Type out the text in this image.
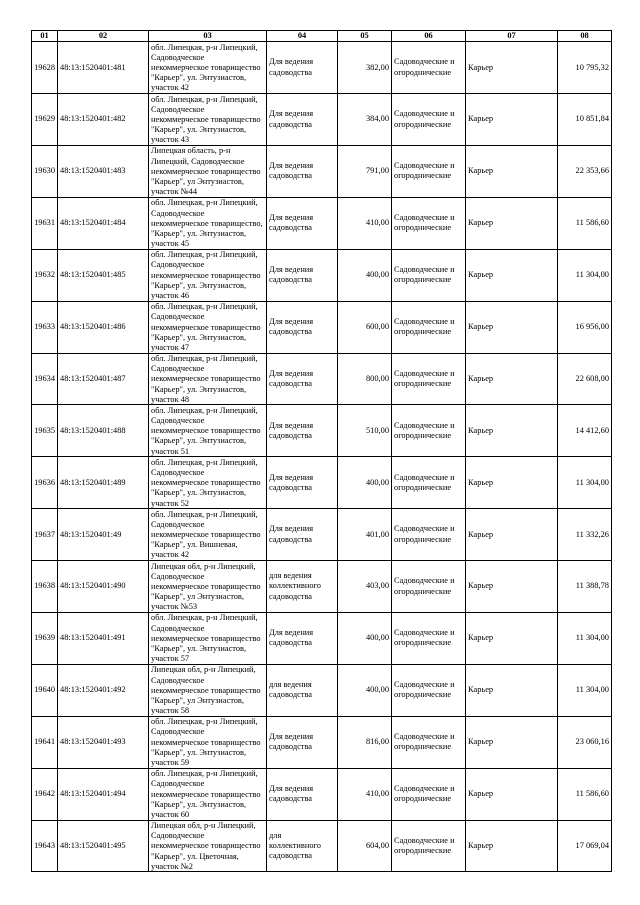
01	02	03	04	05	06	07	08
19628	48:13:1520401:481	обл. Липецкая, р-н Липецкий, Садоводческое некоммерческое товарищество "Карьер", ул. Энтузиастов, участок 42	Для ведения садоводства	382,00	Садоводческие и огороднические	Карьер	10 795,32
19629	48:13:1520401:482	обл. Липецкая, р-н Липецкий, Садоводческое некоммерческое товарищество "Карьер", ул. Энтузиастов, участок 43	Для ведения садоводства	384,00	Садоводческие и огороднические	Карьер	10 851,84
19630	48:13:1520401:483	Липецкая область, р-н Липецкий, Садоводческое некоммерческое товарищество "Карьер", ул Энтузиастов, участок №44	Для ведения садоводства	791,00	Садоводческие и огороднические	Карьер	22 353,66
19631	48:13:1520401:484	обл. Липецкая, р-н Липецкий, Садоводческое некоммерческое товарищество, "Карьер", ул. Энтузиастов, участок 45	Для ведения садоводства	410,00	Садоводческие и огороднические	Карьер	11 586,60
19632	48:13:1520401:485	обл. Липецкая, р-н Липецкий, Садоводческое некоммерческое товарищество "Карьер", ул. Энтузиастов, участок 46	Для ведения садоводства	400,00	Садоводческие и огороднические	Карьер	11 304,00
19633	48:13:1520401:486	обл. Липецкая, р-н Липецкий, Садоводческое некоммерческое товарищество "Карьер", ул. Энтузиастов, участок 47	Для ведения садоводства	600,00	Садоводческие и огороднические	Карьер	16 956,00
19634	48:13:1520401:487	обл. Липецкая, р-н Липецкий, Садоводческое некоммерческое товарищество "Карьер", ул. Энтузиастов, участок 48	Для ведения садоводства	800,00	Садоводческие и огороднические	Карьер	22 608,00
19635	48:13:1520401:488	обл. Липецкая, р-н Липецкий, Садоводческое некоммерческое товарищество "Карьер", ул. Энтузиастов, участок 51	Для ведения садоводства	510,00	Садоводческие и огороднические	Карьер	14 412,60
19636	48:13:1520401:489	обл. Липецкая, р-н Липецкий, Садоводческое некоммерческое товарищество "Карьер", ул. Энтузиастов, участок 52	Для ведения садоводства	400,00	Садоводческие и огороднические	Карьер	11 304,00
19637	48:13:1520401:49	обл. Липецкая, р-н Липецкий, Садоводческое некоммерческое товарищество "Карьер", ул. Вишневая, участок 42	Для ведения садоводства	401,00	Садоводческие и огороднические	Карьер	11 332,26
19638	48:13:1520401:490	Липецкая обл, р-н Липецкий, Садоводческое некоммерческое товарищество "Карьер", ул Энтузиастов, участок №53	для ведения коллективного садоводства	403,00	Садоводческие и огороднические	Карьер	11 388,78
19639	48:13:1520401:491	обл. Липецкая, р-н Липецкий, Садоводческое некоммерческое товарищество "Карьер", ул. Энтузиастов, участок 57	Для ведения садоводства	400,00	Садоводческие и огороднические	Карьер	11 304,00
19640	48:13:1520401:492	Липецкая обл, р-н Липецкий, Садоводческое некоммерческое товарищество "Карьер", ул Энтузиастов, участок 58	для ведения садоводства	400,00	Садоводческие и огороднические	Карьер	11 304,00
19641	48:13:1520401:493	обл. Липецкая, р-н Липецкий, Садоводческое некоммерческое товарищество "Карьер", ул. Энтузиастов, участок 59	Для ведения садоводства	816,00	Садоводческие и огороднические	Карьер	23 060,16
19642	48:13:1520401:494	обл. Липецкая, р-н Липецкий, Садоводческое некоммерческое товарищество "Карьер", ул. Энтузиастов, участок 60	Для ведения садоводства	410,00	Садоводческие и огороднические	Карьер	11 586,60
19643	48:13:1520401:495	Липецкая обл, р-н Липецкий, Садоводческое некоммерческое товарищество "Карьер", ул. Цветочная, участок №2	для коллективного садоводства	604,00	Садоводческие и огороднические	Карьер	17 069,04
